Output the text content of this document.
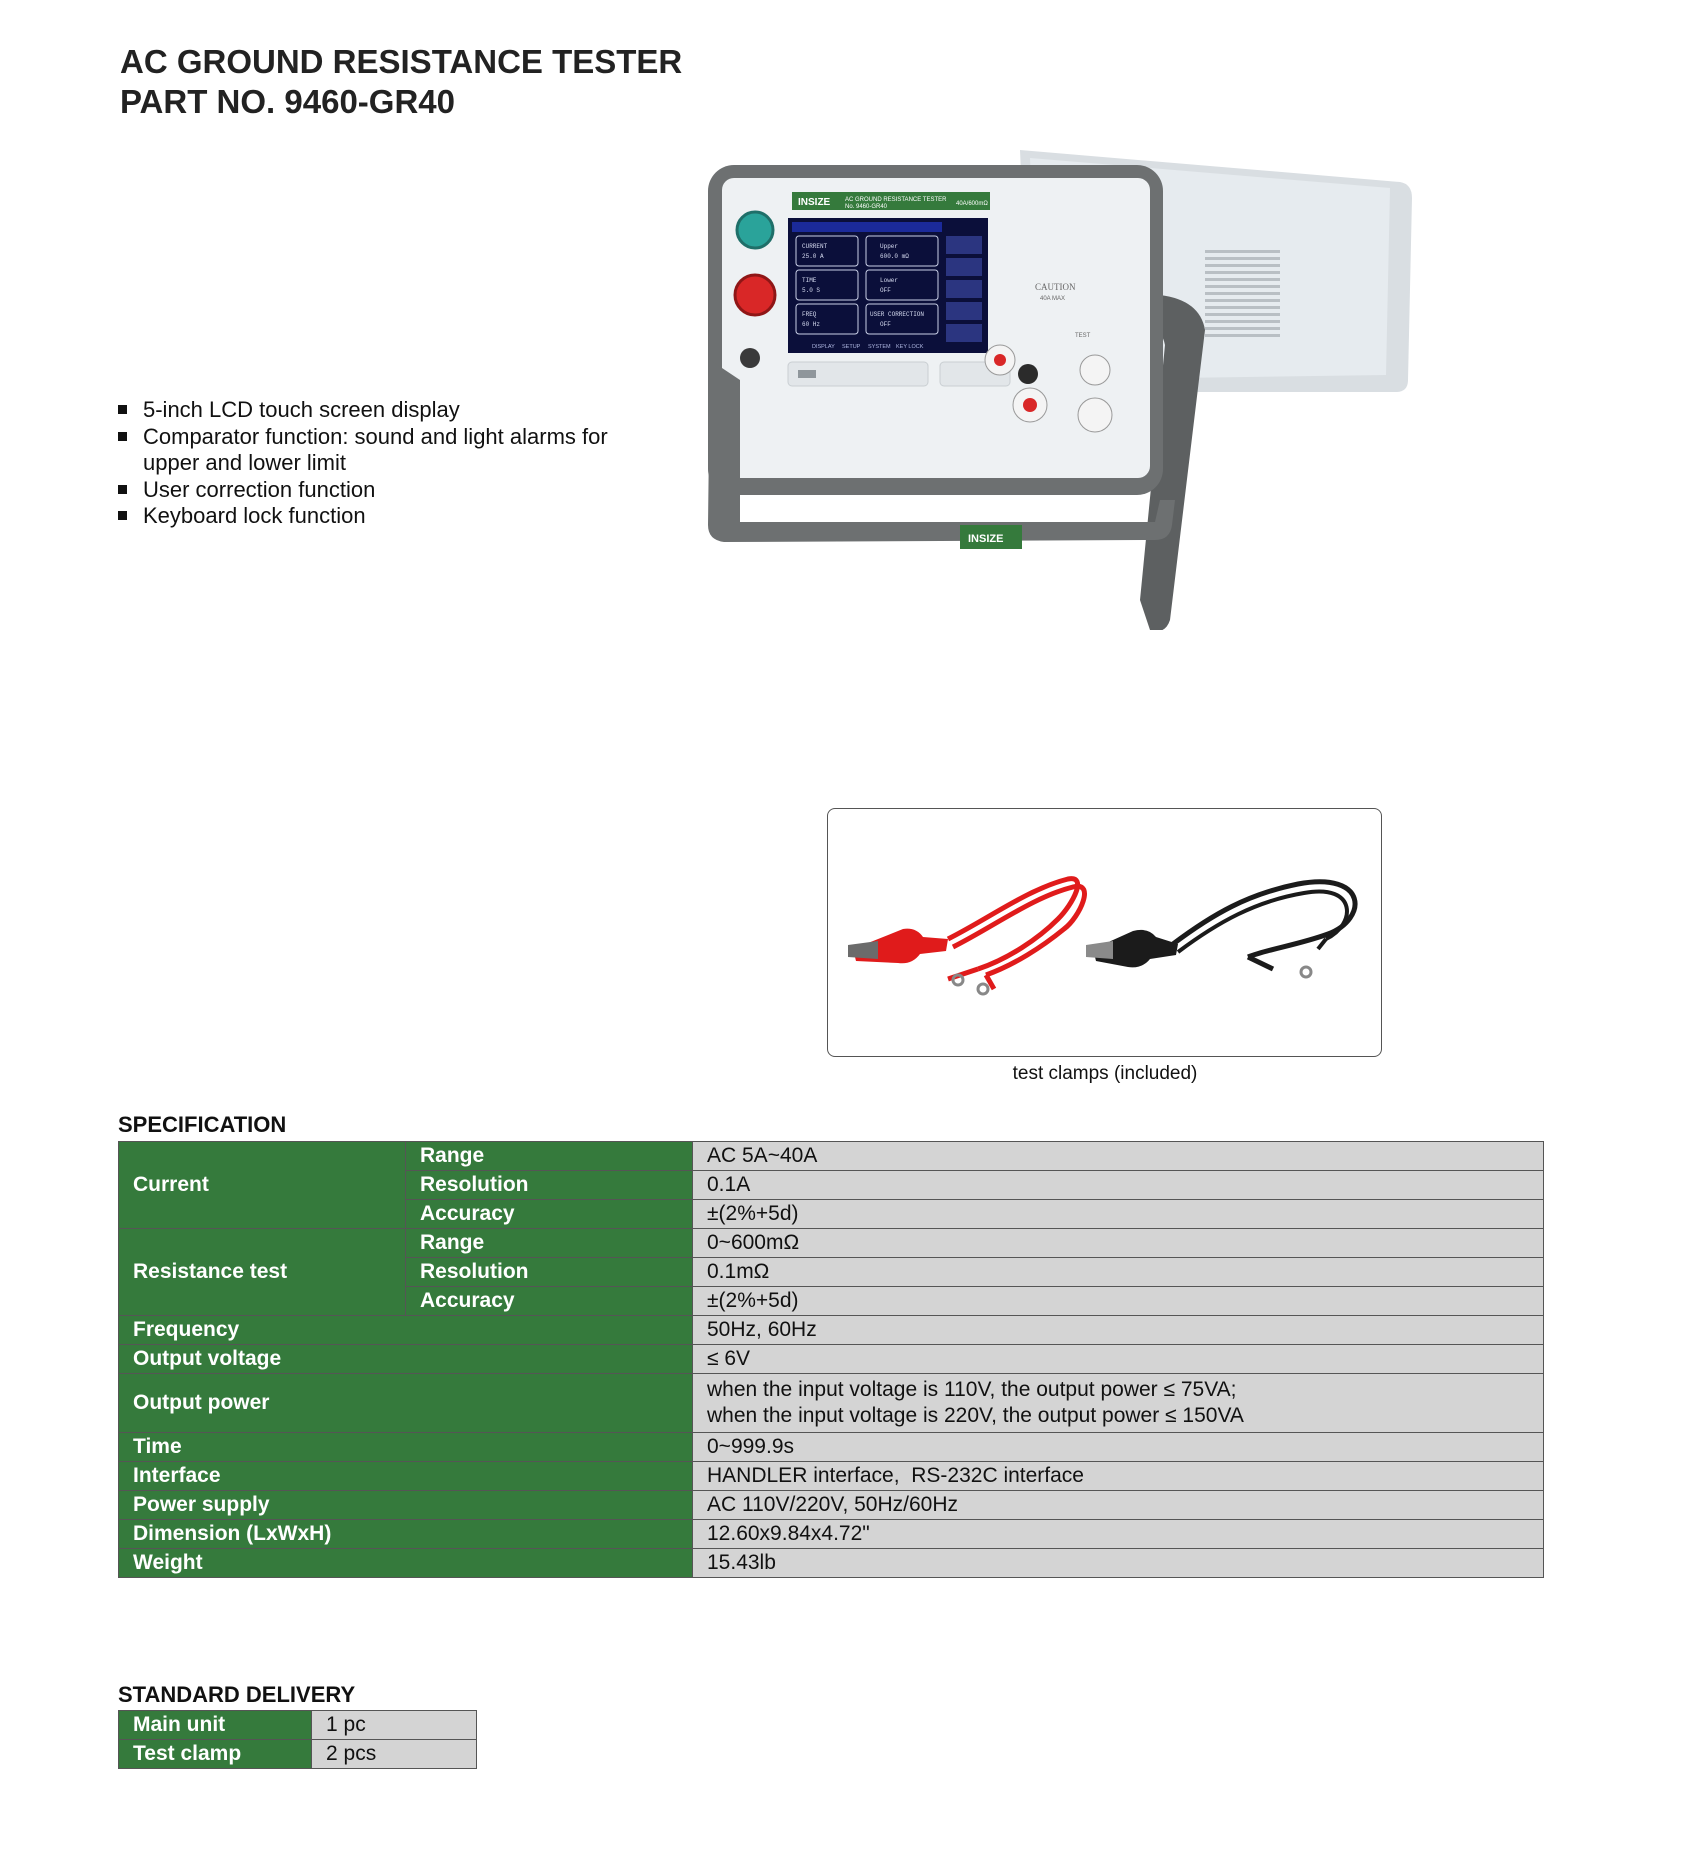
AC GROUND RESISTANCE TESTER
PART NO. 9460-GR40
5-inch LCD touch screen display
Comparator function: sound and light alarms for upper and lower limit
User correction function
Keyboard lock function
INSIZE AC GROUND RESISTANCE TESTER
No. 9460-GR40	40A/600mΩ
CURRENT
25.0 A
TIME
5.0 S
FREQ
60 Hz
Upper
600.0 mΩ
Lower
OFF
USER CORRECTION
OFF
DISPLAY SETUP SYSTEM KEY LOCK
CAUTION
40A MAX
TEST
INSIZE
test clamps (included)
SPECIFICATION
Current	Range	AC 5A~40A
	Resolution	0.1A
	Accuracy	±(2%+5d)
Resistance test	Range	0~600mΩ
	Resolution	0.1mΩ
	Accuracy	±(2%+5d)
Frequency		50Hz, 60Hz
Output voltage		≤ 6V
Output power		when the input voltage is 110V, the output power ≤ 75VA;
when the input voltage is 220V, the output power ≤ 150VA
Time		0~999.9s
Interface		HANDLER interface,  RS-232C interface
Power supply		AC 110V/220V, 50Hz/60Hz
Dimension (LxWxH)		12.60x9.84x4.72"
Weight		15.43lb
STANDARD DELIVERY
Main unit	1 pc
Test clamp	2 pcs
